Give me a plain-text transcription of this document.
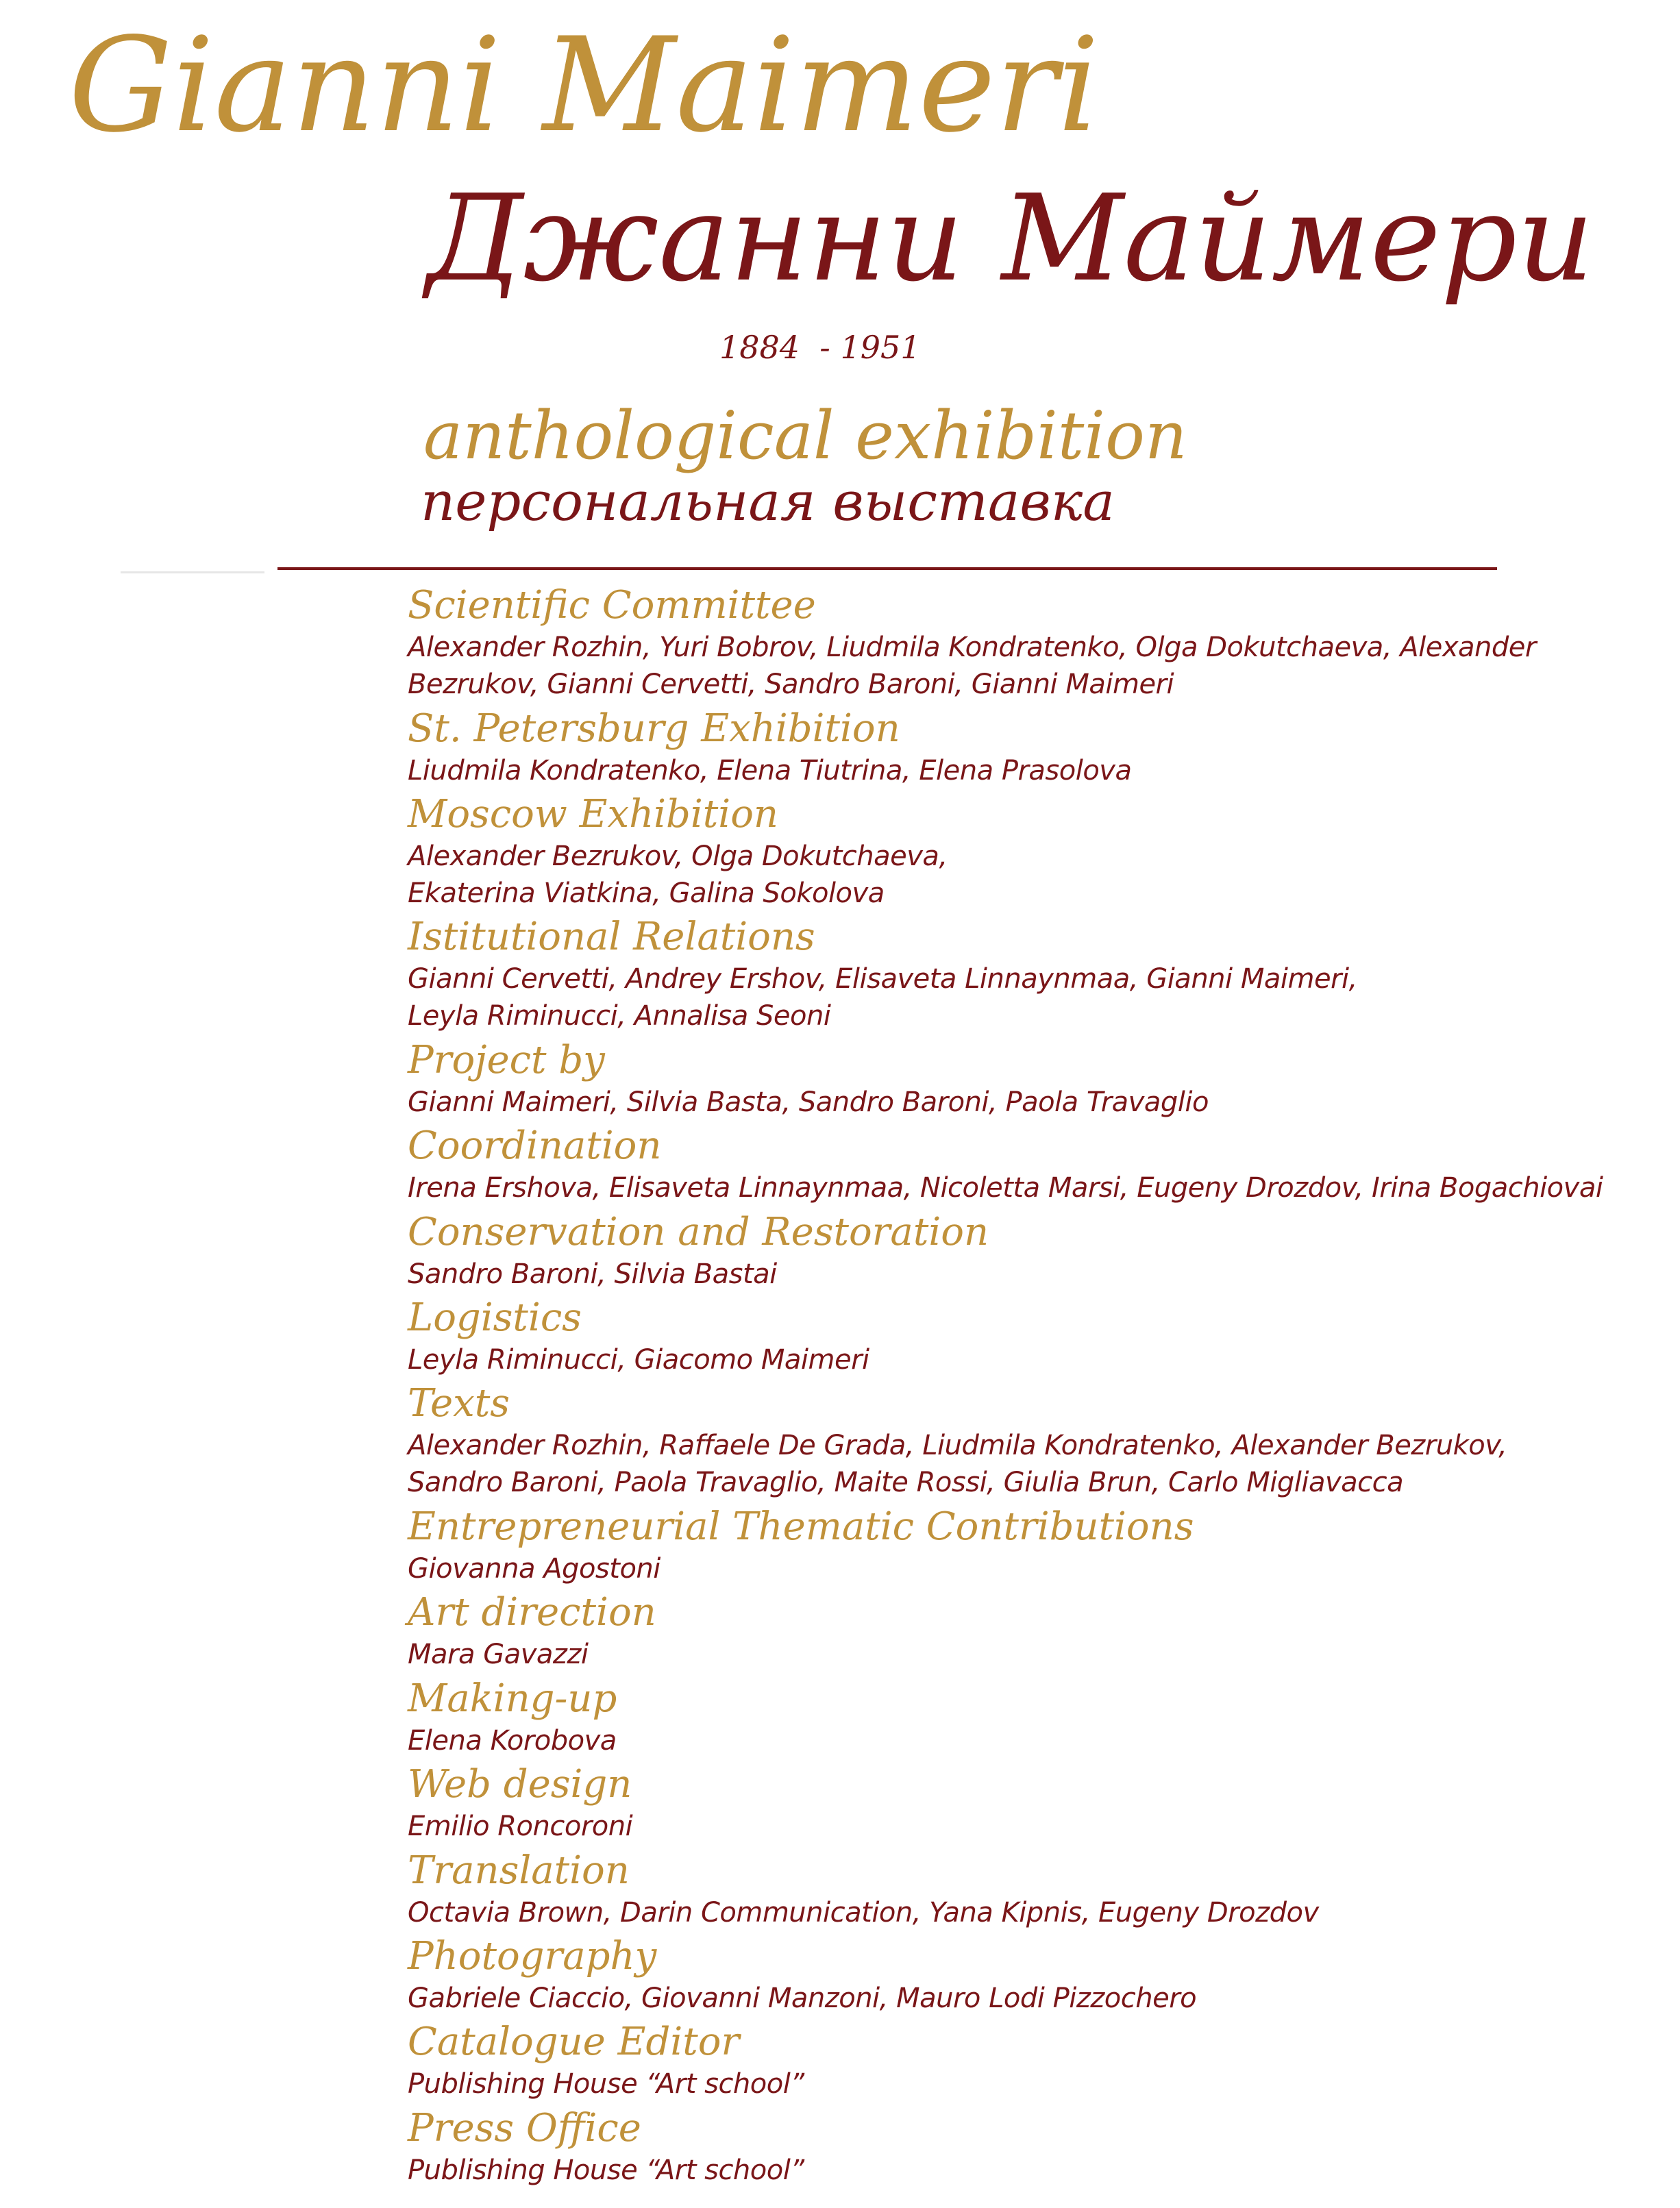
Gianni Maimeri
Джанни Маймери
1884  - 1951
anthological exhibition
персональная выставка
Scientific Committee
Alexander Rozhin, Yuri Bobrov, Liudmila Kondratenko, Olga Dokutchaeva, Alexander
Bezrukov, Gianni Cervetti, Sandro Baroni, Gianni Maimeri
St. Petersburg Exhibition
Liudmila Kondratenko, Elena Tiutrina, Elena Prasolova
Moscow Exhibition
Alexander Bezrukov, Olga Dokutchaeva,
Ekaterina Viatkina, Galina Sokolova
Istitutional Relations
Gianni Cervetti, Andrey Ershov, Elisaveta Linnaynmaa, Gianni Maimeri,
Leyla Riminucci, Annalisa Seoni
Project by
Gianni Maimeri, Silvia Basta, Sandro Baroni, Paola Travaglio
Coordination
Irena Ershova, Elisaveta Linnaynmaa, Nicoletta Marsi, Eugeny Drozdov, Irina Bogachiovai
Conservation and Restoration
Sandro Baroni, Silvia Bastai
Logistics
Leyla Riminucci, Giacomo Maimeri
Texts
Alexander Rozhin, Raffaele De Grada, Liudmila Kondratenko, Alexander Bezrukov,
Sandro Baroni, Paola Travaglio, Maite Rossi, Giulia Brun, Carlo Migliavacca
Entrepreneurial Thematic Contributions
Giovanna Agostoni
Art direction
Mara Gavazzi
Making-up
Elena Korobova
Web design
Emilio Roncoroni
Translation
Octavia Brown, Darin Communication, Yana Kipnis, Eugeny Drozdov
Photography
Gabriele Ciaccio, Giovanni Manzoni, Mauro Lodi Pizzochero
Catalogue Editor
Publishing House “Art school”
Press Office
Publishing House “Art school”
